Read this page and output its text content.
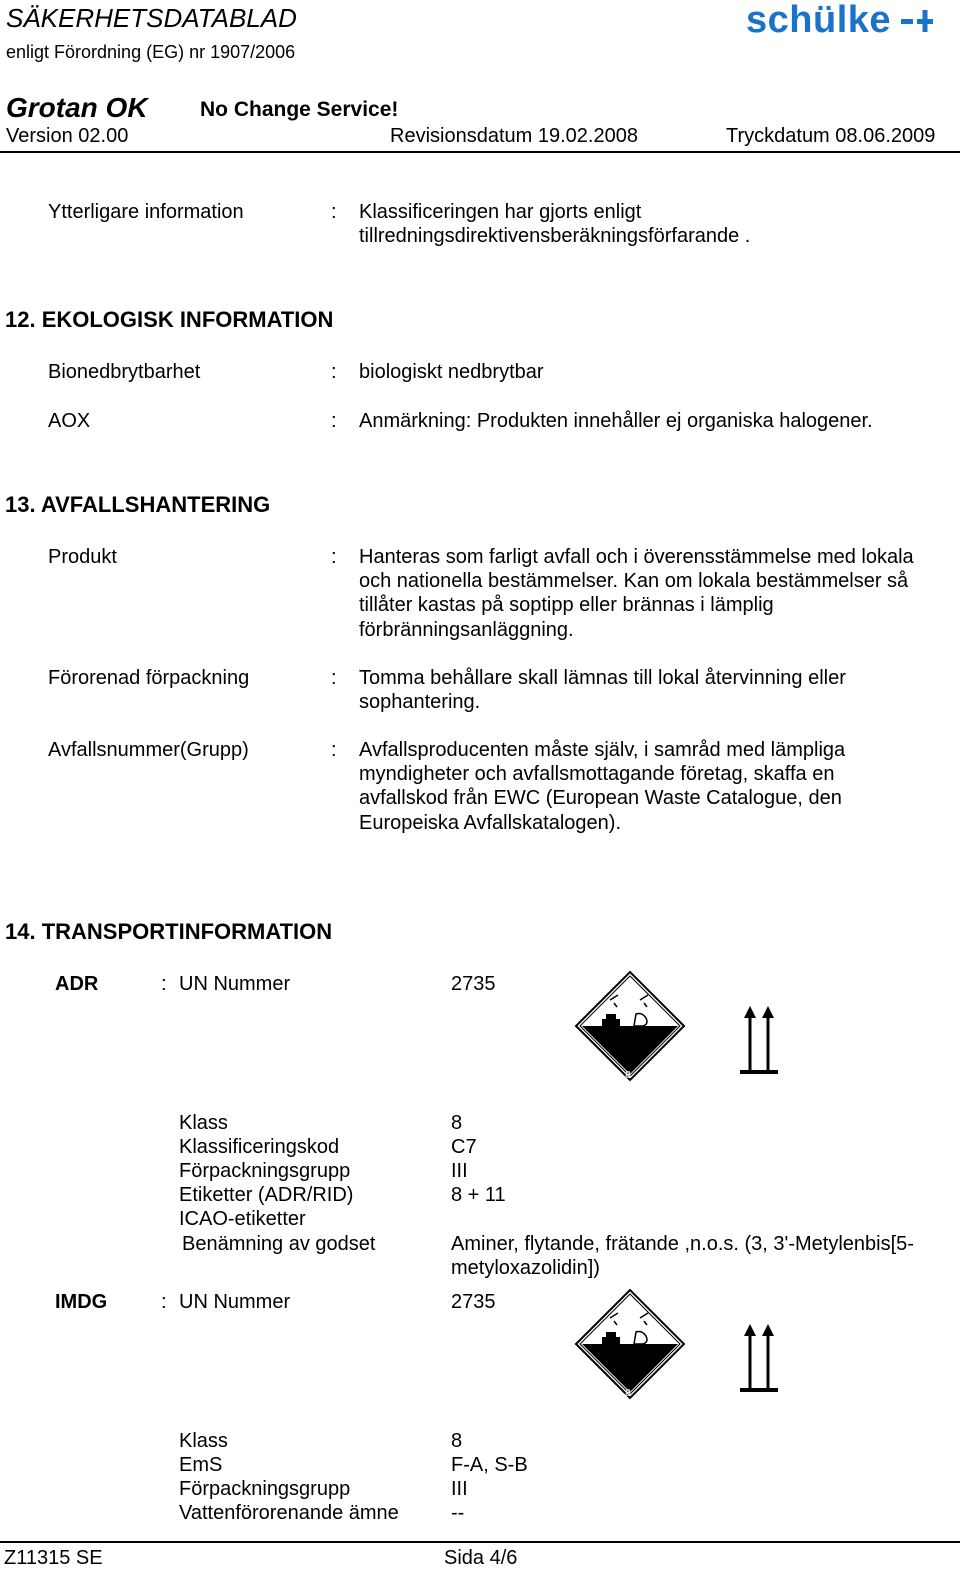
SÄKERHETSDATABLAD
enligt Förordning (EG) nr 1907/2006
schülke
Grotan OK No Change Service!
Version 02.00	Revisionsdatum 19.02.2008	Tryckdatum 08.06.2009
Ytterligare information	: Klassificeringen har gjorts enligt
tillredningsdirektivensberäkningsförfarande .
12. EKOLOGISK INFORMATION
Bionedbrytbarhet	: biologiskt nedbrytbar
AOX	: Anmärkning: Produkten innehåller ej organiska halogener.
13. AVFALLSHANTERING
Produkt	: Hanteras som farligt avfall och i överensstämmelse med lokala och nationella bestämmelser. Kan om lokala bestämmelser så tillåter kastas på soptipp eller brännas i lämplig förbränningsanläggning.
Förorenad förpackning	: Tomma behållare skall lämnas till lokal återvinning eller sophantering.
Avfallsnummer(Grupp)	: Avfallsproducenten måste själv, i samråd med lämpliga myndigheter och avfallsmottagande företag, skaffa en avfallskod från EWC (European Waste Catalogue, den Europeiska Avfallskatalogen).
14. TRANSPORTINFORMATION
ADR	: UN Nummer	2735
8
Klass	8
Klassificeringskod	C7
Förpackningsgrupp	III
Etiketter (ADR/RID)	8 + 11
ICAO-etiketter
Benämning av godset	Aminer, flytande, frätande ,n.o.s. (3, 3'-Metylenbis[5-metyloxazolidin])
IMDG	: UN Nummer	2735
8
Klass	8
EmS	F-A, S-B
Förpackningsgrupp	III
Vattenförorenande ämne	--
Z11315 SE	Sida 4/6
